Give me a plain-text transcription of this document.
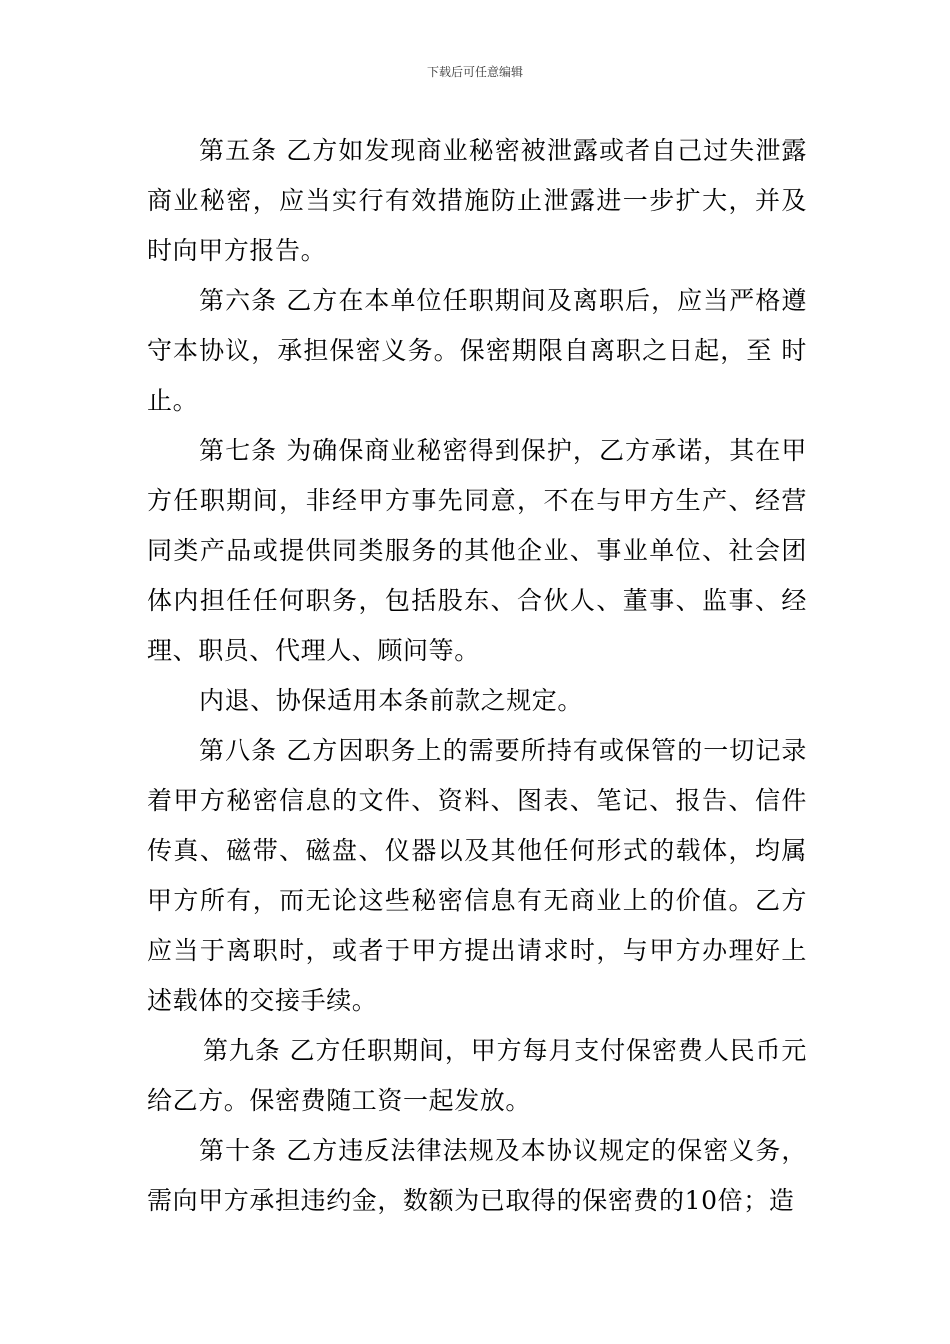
下载后可任意编辑

第五条 乙方如发现商业秘密被泄露或者自己过失泄露商业秘密，应当实行有效措施防止泄露进一步扩大，并及时向甲方报告。

第六条 乙方在本单位任职期间及离职后，应当严格遵守本协议，承担保密义务。保密期限自离职之日起，至 时止。

第七条 为确保商业秘密得到保护，乙方承诺，其在甲方任职期间，非经甲方事先同意，不在与甲方生产、经营同类产品或提供同类服务的其他企业、事业单位、社会团体内担任任何职务，包括股东、合伙人、董事、监事、经理、职员、代理人、顾问等。

内退、协保适用本条前款之规定。

第八条 乙方因职务上的需要所持有或保管的一切记录着甲方秘密信息的文件、资料、图表、笔记、报告、信件传真、磁带、磁盘、仪器以及其他任何形式的载体，均属甲方所有，而无论这些秘密信息有无商业上的价值。乙方应当于离职时，或者于甲方提出请求时，与甲方办理好上述载体的交接手续。

第九条 乙方任职期间，甲方每月支付保密费人民币元给乙方。保密费随工资一起发放。

第十条 乙方违反法律法规及本协议规定的保密义务，需向甲方承担违约金，数额为已取得的保密费的10倍；造
